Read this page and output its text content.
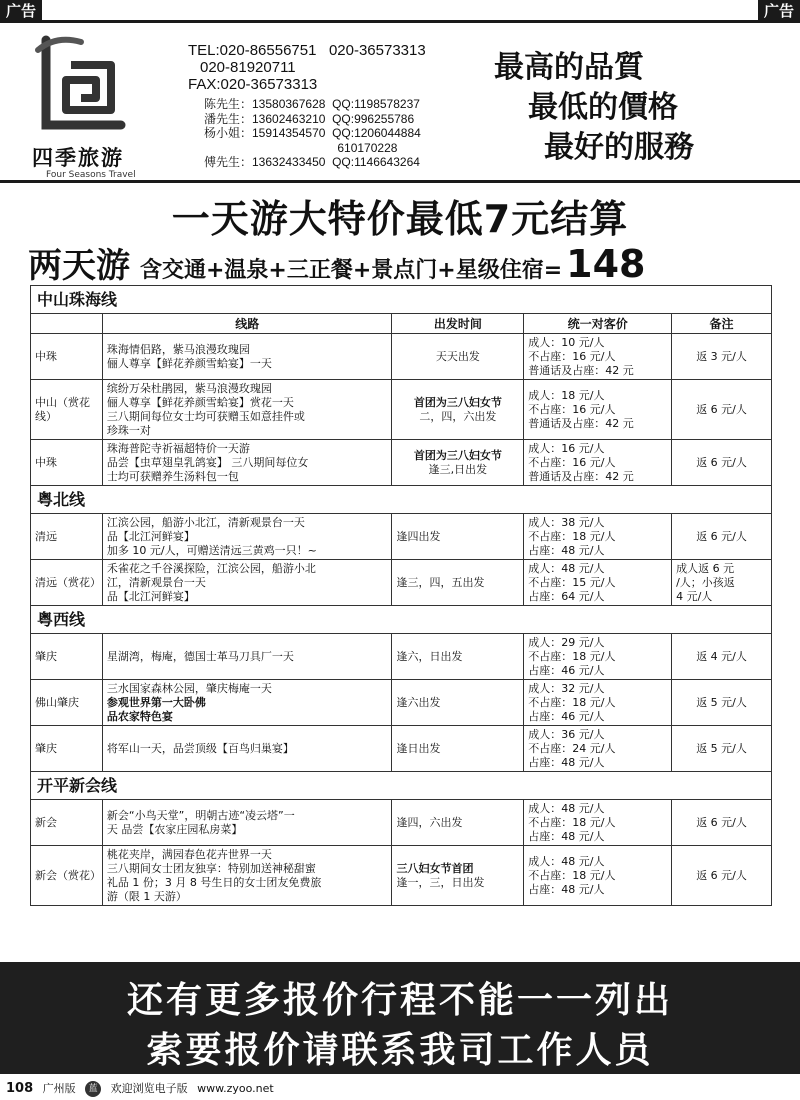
广告	广告
四季旅游
Four Seasons Travel
TEL:020-86556751   020-36573313
020-81920711
FAX:020-36573313
陈先生：13580367628  QQ:1198578237
潘先生：13602463210  QQ:996255786
杨小姐：15914354570  QQ:1206044884
610170228
傅先生：13632433450  QQ:1146643264
最高的品質
最低的價格
最好的服務
一天游大特价最低7元结算
两天游 含交通+温泉+三正餐+景点门+星级住宿= 148
中山珠海线				
	线路	出发时间	统一对客价	备注
中珠	珠海情侣路，紫马浪漫玫瑰园
俪人尊享【鲜花养颜雪蛤宴】一天	天天出发	成人：10 元/人
不占座：16 元/人
普通话及占座：42 元	返 3 元/人

中山（赏花线）	缤纷万朵杜鹃园，紫马浪漫玫瑰园
俪人尊享【鲜花养颜雪蛤宴】赏花一天
三八期间每位女士均可获赠玉如意挂件或
珍珠一对	首团为三八妇女节
二，四，六出发	成人：18 元/人
不占座：16 元/人
普通话及占座：42 元	返 6 元/人

中珠	珠海普陀寺祈福超特价一天游
品尝【虫草翅皇乳鸽宴】 三八期间每位女
士均可获赠养生汤料包一包	首团为三八妇女节
逢三,日出发	成人：16 元/人
不占座：16 元/人
普通话及占座：42 元	返 6 元/人

粤北线				
清远	江滨公园，船游小北江，清新观景台一天
品【北江河鲜宴】
加多 10 元/人，可赠送清远三黄鸡一只！~	逢四出发	成人：38 元/人
不占座：18 元/人
占座：48 元/人	返 6 元/人

清远（赏花）	禾雀花之千谷溪探险，江滨公园，船游小北
江，清新观景台一天
品【北江河鲜宴】	逢三，四，五出发	成人：48 元/人
不占座：15 元/人
占座：64 元/人	成人返 6 元
/人；小孩返
4 元/人

粤西线				
肇庆	星湖湾，梅庵，德国士革马刀具厂一天	逢六，日出发	成人：29 元/人
不占座：18 元/人
占座：46 元/人	返 4 元/人

佛山肇庆	三水国家森林公园，肇庆梅庵一天
参观世界第一大卧佛
品农家特色宴	逢六出发	成人：32 元/人
不占座：18 元/人
占座：46 元/人	返 5 元/人

肇庆	将军山一天，品尝顶级【百鸟归巢宴】	逢日出发	成人：36 元/人
不占座：24 元/人
占座：48 元/人	返 5 元/人

开平新会线				
新会	新会“小鸟天堂”，明朝古迹“凌云塔”一
天 品尝【农家庄园私房菜】	逢四，六出发	成人：48 元/人
不占座：18 元/人
占座：48 元/人	返 6 元/人

新会（赏花）	桃花夹岸，满园春色花卉世界一天
三八期间女士团友独享：特别加送神秘甜蜜
礼品 1 份；3 月 8 号生日的女士团友免费旅
游（限 1 天游）	三八妇女节首团
逢一，三，日出发	成人：48 元/人
不占座：18 元/人
占座：48 元/人	返 6 元/人
还有更多报价行程不能一一列出
索要报价请联系我司工作人员
108 广州版 蓝 欢迎浏览电子版 www.zyoo.net
